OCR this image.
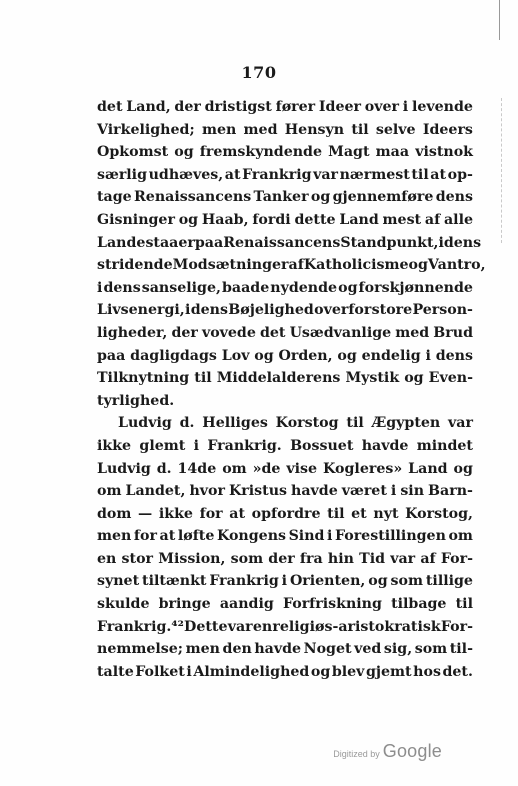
170
det Land, der dristigst fører Ideer over i levende
Virkelighed; men med Hensyn til selve Ideers
Opkomst og fremskyndende Magt maa vistnok
særlig udhæves, at Frankrig var nærmest til at op-
tage Renaissancens Tanker og gjennemføre dens
Gisninger og Haab, fordi dette Land mest af alle
Lande staaer paa Renaissancens Standpunkt, i dens
stridende Modsætninger af Katholicisme og Vantro,
i dens sanselige, baade nydende og forskjønnende
Livsenergi, i dens Bøjelighed overfor store Person-
ligheder, der vovede det Usædvanlige med Brud
paa dagligdags Lov og Orden, og endelig i dens
Tilknytning til Middelalderens Mystik og Even-
tyrlighed.
Ludvig d. Helliges Korstog til Ægypten var
ikke glemt i Frankrig. Bossuet havde mindet
Ludvig d. 14de om »de vise Kogleres» Land og
om Landet, hvor Kristus havde været i sin Barn-
dom — ikke for at opfordre til et nyt Korstog,
men for at løfte Kongens Sind i Forestillingen om
en stor Mission, som der fra hin Tid var af For-
synet tiltænkt Frankrig i Orienten, og som tillige
skulde bringe aandig Forfriskning tilbage til
Frankrig.⁴² Dette var en religiøs-aristokratisk For-
nemmelse; men den havde Noget ved sig, som til-
talte Folket i Almindelighed og blev gjemt hos det.
Digitized by Google
